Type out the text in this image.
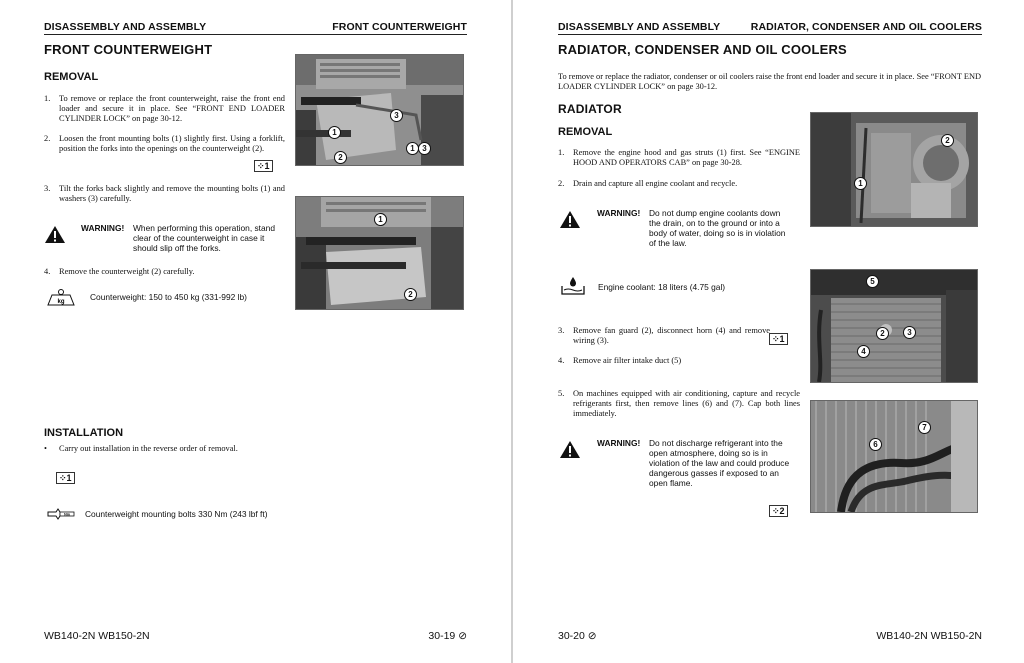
DISASSEMBLY AND ASSEMBLY	FRONT COUNTERWEIGHT
FRONT COUNTERWEIGHT
REMOVAL
1. To remove or replace the front counterweight, raise the front end loader and secure it in place. See “FRONT END LOADER CYLINDER LOCK” on page 30-12.
2. Loosen the front mounting bolts (1) slightly first. Using a forklift, position the forks into the openings on the counterweight (2).
⁘1
3. Tilt the forks back slightly and remove the mounting bolts (1) and washers (3) carefully.
WARNING! When performing this operation, stand clear of the counterweight in case it should slip off the forks.
4. Remove the counterweight (2) carefully.
kg	Counterweight: 150 to 450 kg (331-992 lb)
3
1
2
1 3
1
2
INSTALLATION
• Carry out installation in the reverse order of removal.
⁘1
Nm Counterweight mounting bolts 330 Nm (243 lbf ft)
WB140-2N WB150-2N	30-19 ⊘
DISASSEMBLY AND ASSEMBLY	RADIATOR, CONDENSER AND OIL COOLERS
RADIATOR, CONDENSER AND OIL COOLERS
To remove or replace the radiator, condenser or oil coolers raise the front end loader and secure it in place. See “FRONT END LOADER CYLINDER LOCK” on page 30-12.
RADIATOR
REMOVAL
1. Remove the engine hood and gas struts (1) first. See “ENGINE HOOD AND OPERATORS CAB” on page 30-28.
2. Drain and capture all engine coolant and recycle.
WARNING! Do not dump engine coolants down the drain, on to the ground or into a body of water, doing so is in violation of the law.
Engine coolant: 18 liters (4.75 gal)
3. Remove fan guard (2), disconnect horn (4) and remove wiring (3).	⁘1
4. Remove air filter intake duct (5)
5. On machines equipped with air conditioning, capture and recycle refrigerants first, then remove lines (6) and (7). Cap both lines immediately.
WARNING! Do not discharge refrigerant into the open atmosphere, doing so is in violation of the law and could produce dangerous gasses if exposed to an open flame.
⁘2
2
1
5
3
2
4
7
6
30-20 ⊘	WB140-2N WB150-2N
